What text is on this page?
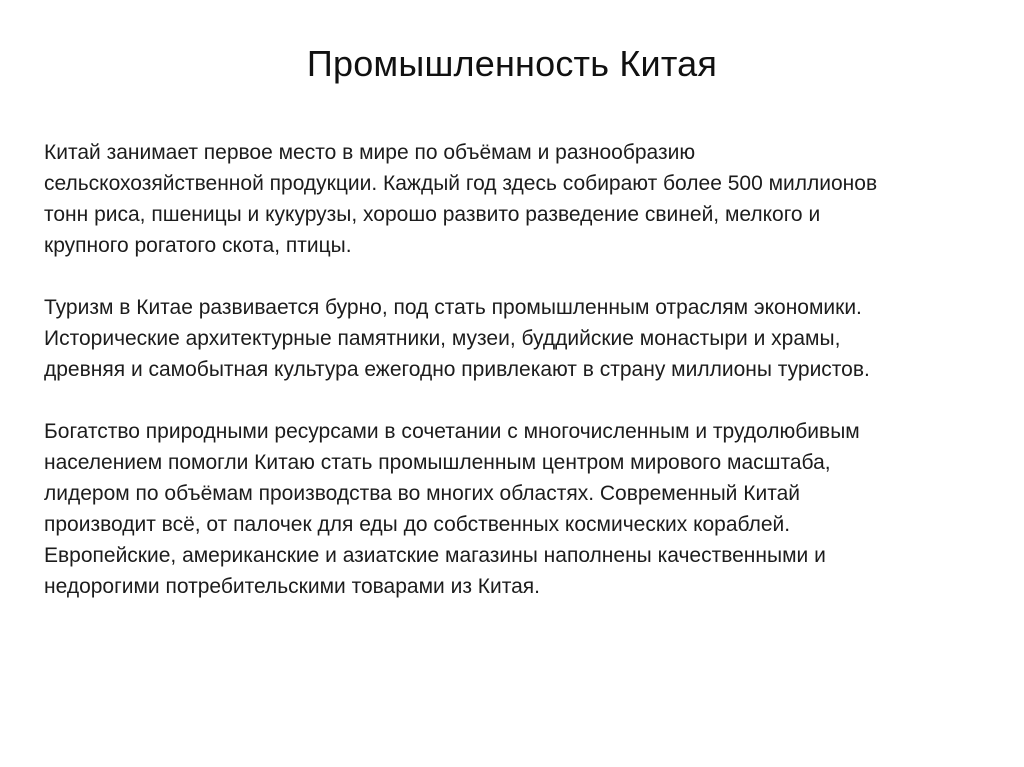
Промышленность Китая

Китай занимает первое место в мире по объёмам и разнообразию
сельскохозяйственной продукции. Каждый год здесь собирают более 500 миллионов
тонн риса, пшеницы и кукурузы, хорошо развито разведение свиней, мелкого и
крупного рогатого скота, птицы.

Туризм в Китае развивается бурно, под стать промышленным отраслям экономики.
Исторические архитектурные памятники, музеи, буддийские монастыри и храмы,
древняя и самобытная культура ежегодно привлекают в страну миллионы туристов.

Богатство природными ресурсами в сочетании с многочисленным и трудолюбивым
населением помогли Китаю стать промышленным центром мирового масштаба,
лидером по объёмам производства во многих областях. Современный Китай
производит всё, от палочек для еды до собственных космических кораблей.
Европейские, американские и азиатские магазины наполнены качественными и
недорогими потребительскими товарами из Китая.
